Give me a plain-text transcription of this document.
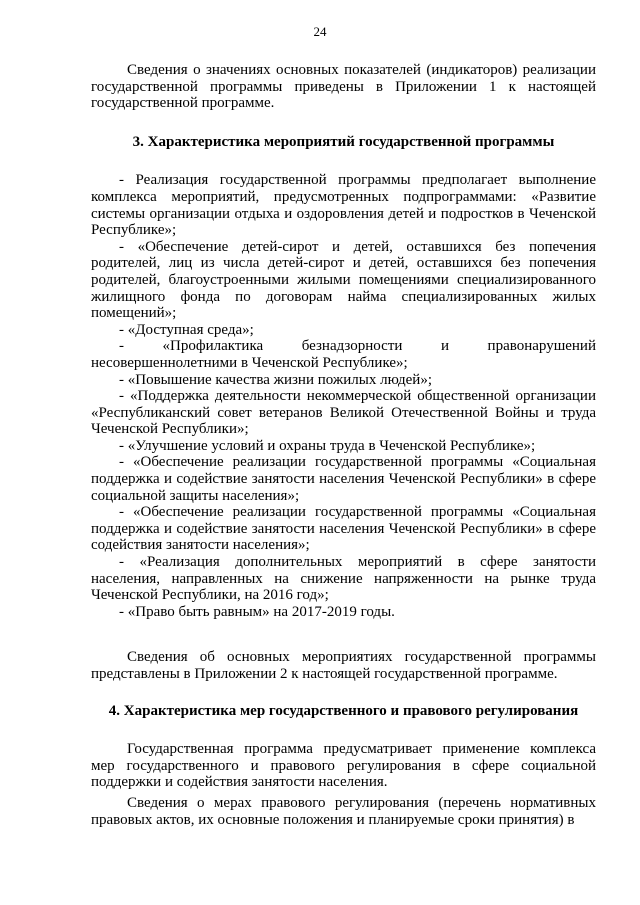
24

Сведения о значениях основных показателей (индикаторов) реализации государственной программы приведены в Приложении 1 к настоящей государственной программе.

3. Характеристика мероприятий государственной программы

- Реализация государственной программы предполагает выполнение комплекса мероприятий, предусмотренных подпрограммами: «Развитие системы организации отдыха и оздоровления детей и подростков в Чеченской Республике»;

- «Обеспечение детей-сирот и детей, оставшихся без попечения родителей, лиц из числа детей-сирот и детей, оставшихся без попечения родителей, благоустроенными жилыми помещениями специализированного жилищного фонда по договорам найма специализированных жилых помещений»;

- «Доступная среда»;

- «Профилактика безнадзорности и правонарушений несовершеннолетними в Чеченской Республике»;

- «Повышение качества жизни пожилых людей»;

- «Поддержка деятельности некоммерческой общественной организации «Республиканский совет ветеранов Великой Отечественной Войны и труда Чеченской Республики»;

- «Улучшение условий и охраны труда в Чеченской Республике»;

- «Обеспечение реализации государственной программы «Социальная поддержка и содействие занятости населения Чеченской Республики» в сфере социальной защиты населения»;

- «Обеспечение реализации государственной программы «Социальная поддержка и содействие занятости населения Чеченской Республики» в сфере содействия занятости населения»;

- «Реализация дополнительных мероприятий в сфере занятости населения, направленных на снижение напряженности на рынке труда Чеченской Республики, на 2016 год»;

- «Право быть равным» на 2017-2019 годы.

Сведения об основных мероприятиях государственной программы представлены в Приложении 2 к настоящей государственной программе.

4. Характеристика мер государственного и правового регулирования

Государственная программа предусматривает применение комплекса мер государственного и правового регулирования в сфере социальной поддержки и содействия занятости населения.

Сведения о мерах правового регулирования (перечень нормативных правовых актов, их основные положения и планируемые сроки принятия) в
